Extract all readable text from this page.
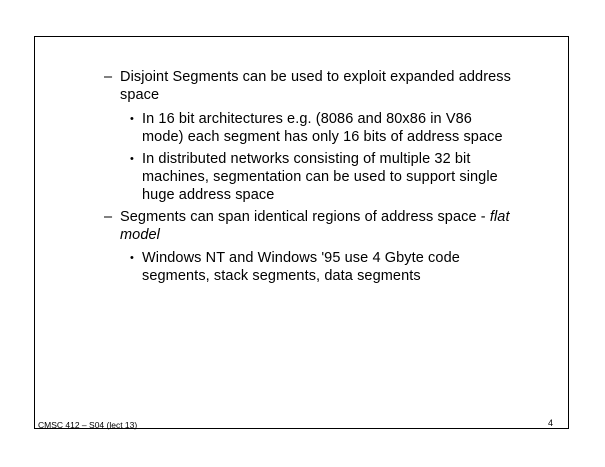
– Disjoint Segments can be used to exploit expanded address
space
• In 16 bit architectures e.g. (8086 and 80x86 in V86
mode) each segment has only 16 bits of address space
• In distributed networks consisting of multiple 32 bit
machines, segmentation can be used to support single
huge address space
– Segments can span identical regions of address space - flat
model
• Windows NT and Windows '95 use 4 Gbyte code
segments, stack segments, data segments
CMSC 412 – S04 (lect 13)	4
